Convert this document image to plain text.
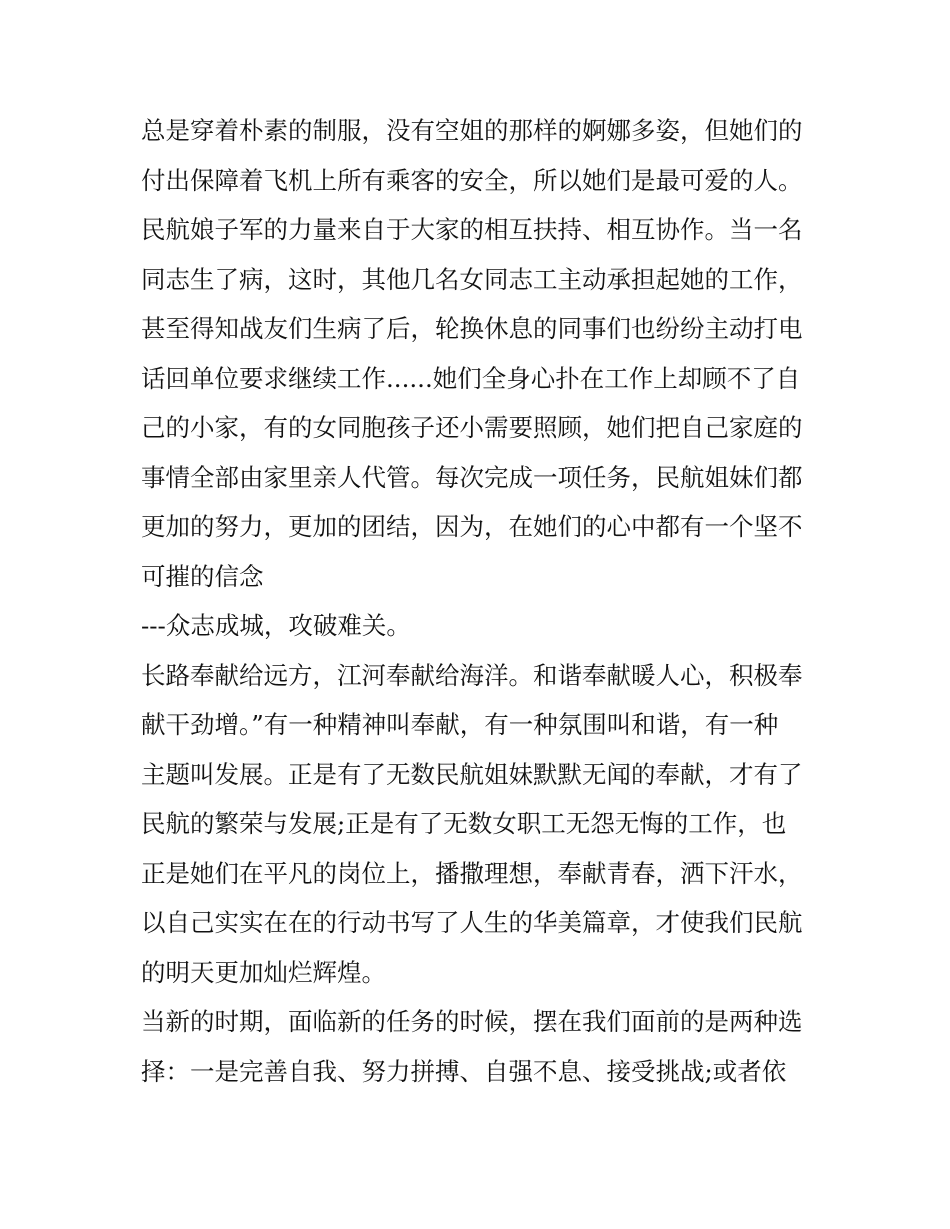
总是穿着朴素的制服，没有空姐的那样的婀娜多姿，但她们的
付出保障着飞机上所有乘客的安全，所以她们是最可爱的人。
民航娘子军的力量来自于大家的相互扶持、相互协作。当一名
同志生了病，这时，其他几名女同志工主动承担起她的工作，
甚至得知战友们生病了后，轮换休息的同事们也纷纷主动打电
话回单位要求继续工作......她们全身心扑在工作上却顾不了自
己的小家，有的女同胞孩子还小需要照顾，她们把自己家庭的
事情全部由家里亲人代管。每次完成一项任务，民航姐妹们都
更加的努力，更加的团结，因为，在她们的心中都有一个坚不
可摧的信念
---众志成城，攻破难关。
长路奉献给远方，江河奉献给海洋。和谐奉献暖人心，积极奉
献干劲增。”有一种精神叫奉献，有一种氛围叫和谐，有一种
主题叫发展。正是有了无数民航姐妹默默无闻的奉献，才有了
民航的繁荣与发展;正是有了无数女职工无怨无悔的工作，也
正是她们在平凡的岗位上，播撒理想，奉献青春，洒下汗水，
以自己实实在在的行动书写了人生的华美篇章，才使我们民航
的明天更加灿烂辉煌。
当新的时期，面临新的任务的时候，摆在我们面前的是两种选
择：一是完善自我、努力拼搏、自强不息、接受挑战;或者依
